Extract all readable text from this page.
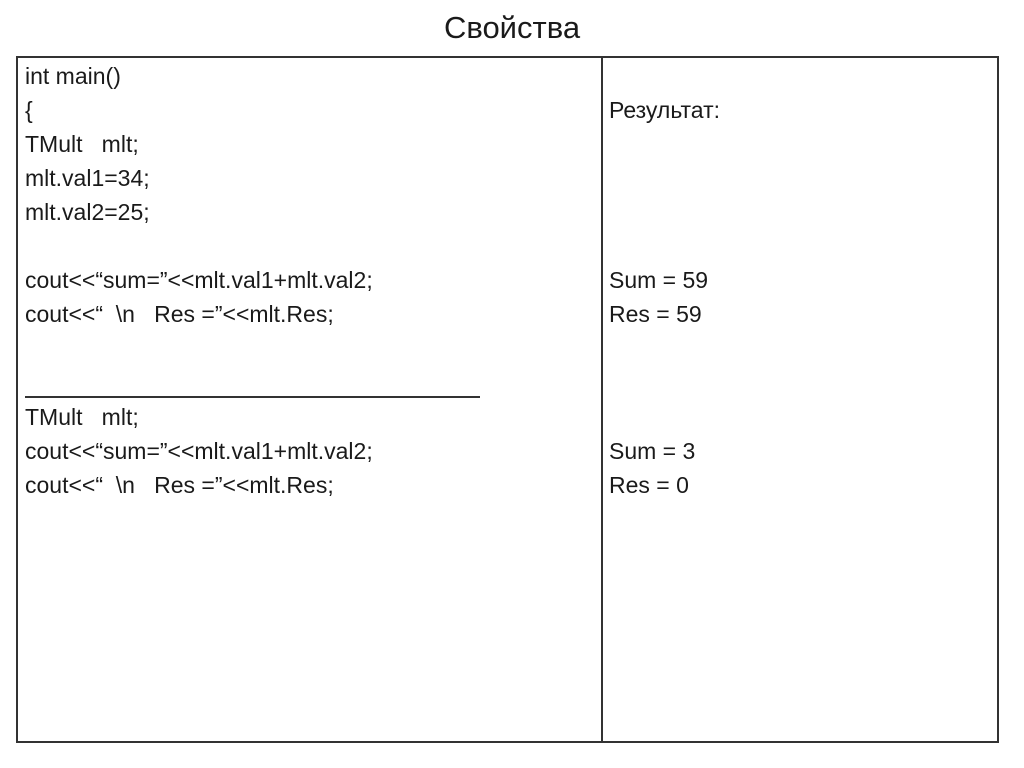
Свойства
int main()
{
TMult   mlt;
mlt.val1=34;
mlt.val2=25;
cout<<“sum=”<<mlt.val1+mlt.val2;
cout<<“  \n   Res =”<<mlt.Res;
TMult   mlt;
cout<<“sum=”<<mlt.val1+mlt.val2;
cout<<“  \n   Res =”<<mlt.Res;
Результат:
Sum = 59
Res = 59
Sum = 3
Res = 0
